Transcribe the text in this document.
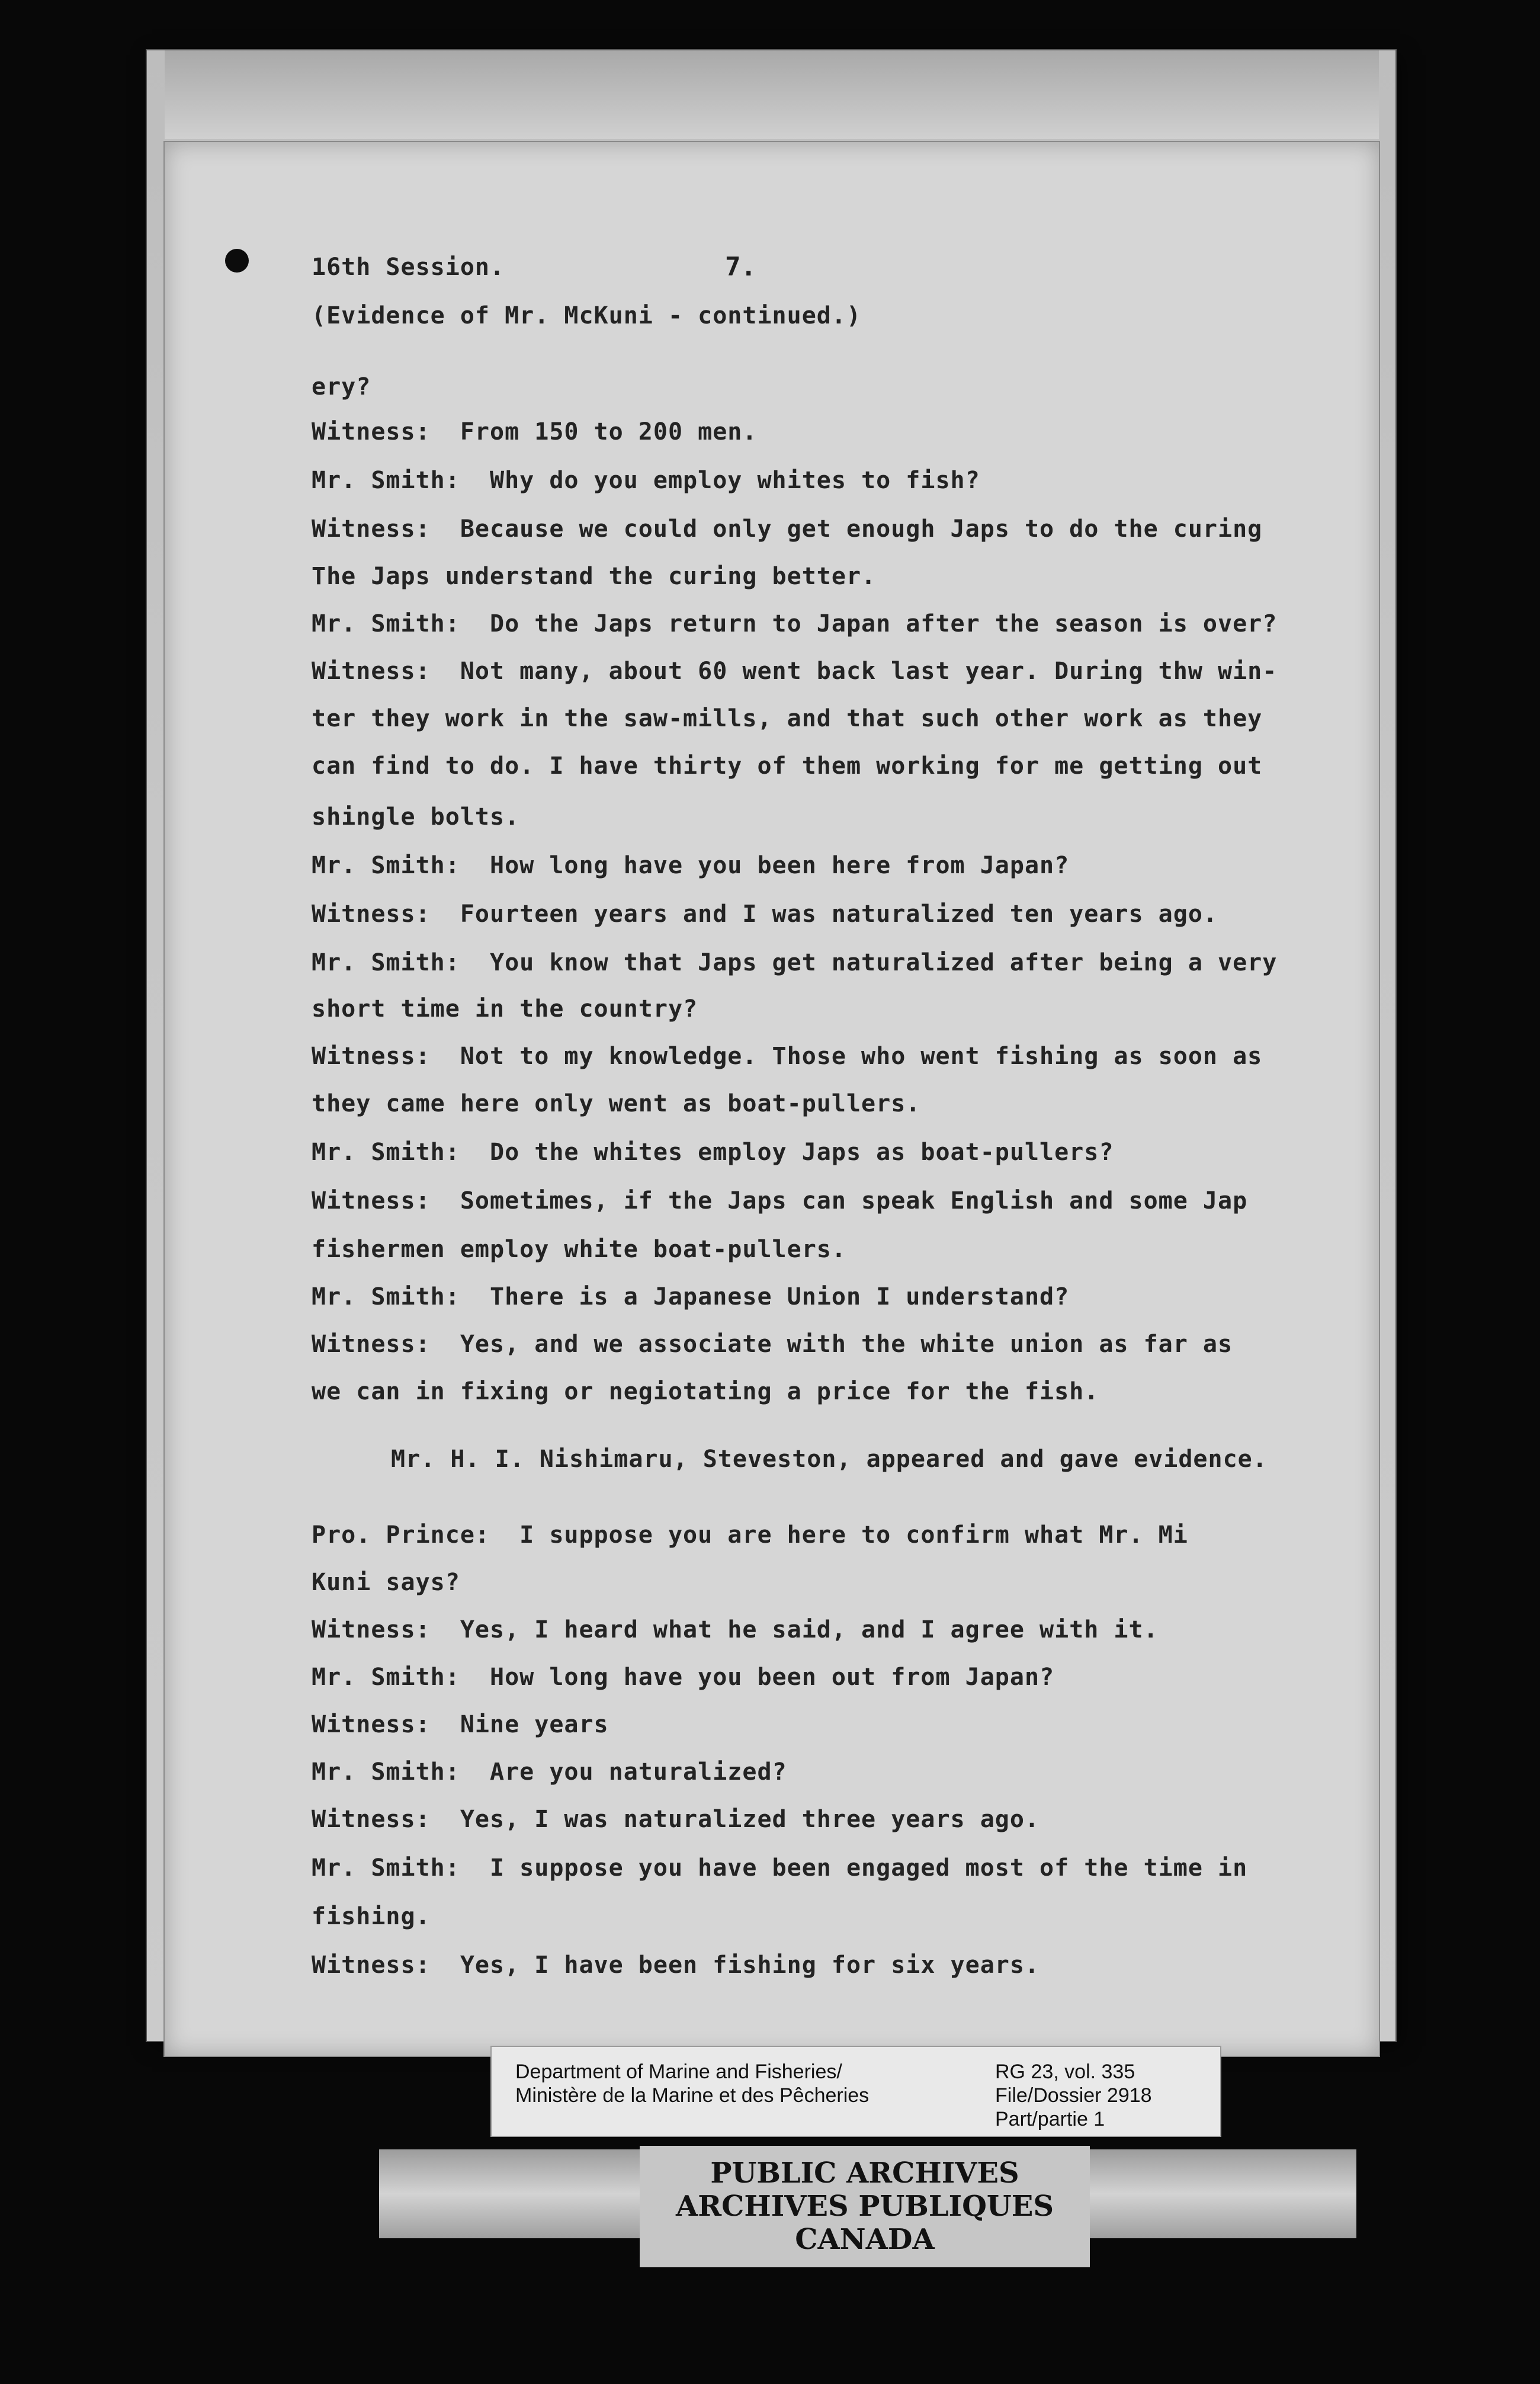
7.
16th Session.
(Evidence of Mr. McKuni - continued.)
ery?
Witness:  From 150 to 200 men.
Mr. Smith:  Why do you employ whites to fish?
Witness:  Because we could only get enough Japs to do the curing
The Japs understand the curing better.
Mr. Smith:  Do the Japs return to Japan after the season is over?
Witness:  Not many, about 60 went back last year. During thw win-
ter they work in the saw-mills, and that such other work as they
can find to do. I have thirty of them working for me getting out
shingle bolts.
Mr. Smith:  How long have you been here from Japan?
Witness:  Fourteen years and I was naturalized ten years ago.
Mr. Smith:  You know that Japs get naturalized after being a very
short time in the country?
Witness:  Not to my knowledge. Those who went fishing as soon as
they came here only went as boat-pullers.
Mr. Smith:  Do the whites employ Japs as boat-pullers?
Witness:  Sometimes, if the Japs can speak English and some Jap
fishermen employ white boat-pullers.
Mr. Smith:  There is a Japanese Union I understand?
Witness:  Yes, and we associate with the white union as far as
we can in fixing or negiotating a price for the fish.
Mr. H. I. Nishimaru, Steveston, appeared and gave evidence.
Pro. Prince:  I suppose you are here to confirm what Mr. Mi
Kuni says?
Witness:  Yes, I heard what he said, and I agree with it.
Mr. Smith:  How long have you been out from Japan?
Witness:  Nine years
Mr. Smith:  Are you naturalized?
Witness:  Yes, I was naturalized three years ago.
Mr. Smith:  I suppose you have been engaged most of the time in
fishing.
Witness:  Yes, I have been fishing for six years.
Department of Marine and Fisheries/
Ministère de la Marine et des Pêcheries
RG 23, vol. 335
File/Dossier 2918
Part/partie 1
PUBLIC ARCHIVES
ARCHIVES PUBLIQUES
CANADA
